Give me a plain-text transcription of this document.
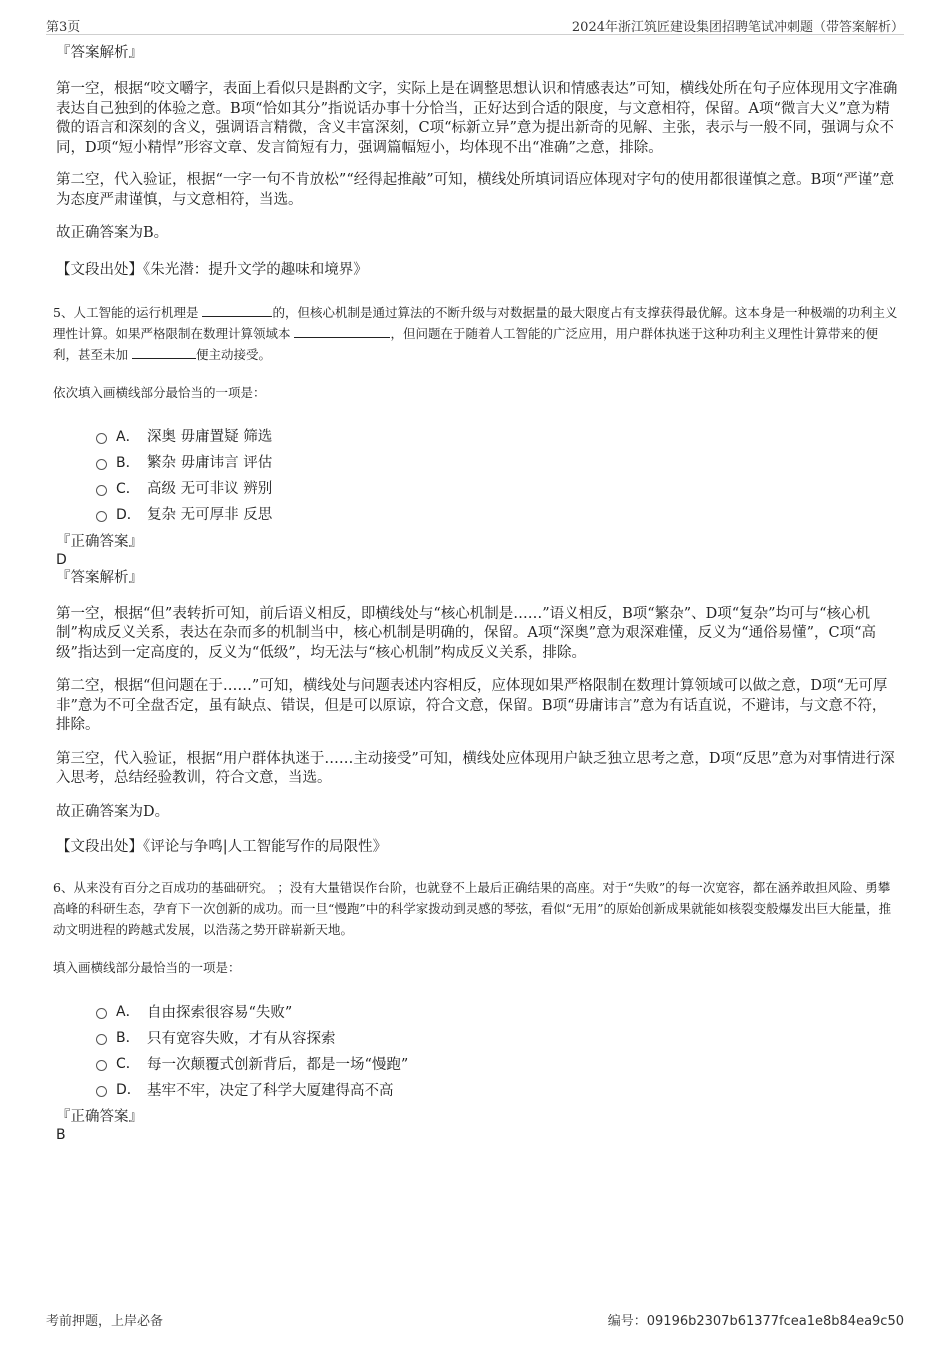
第3页	2024年浙江筑匠建设集团招聘笔试冲刺题（带答案解析）
『答案解析』

第一空，根据“咬文嚼字，表面上看似只是斟酌文字，实际上是在调整思想认识和情感表达”可知，横线处所在句子应体现用文字准确表达自己独到的体验之意。B项“恰如其分”指说话办事十分恰当，正好达到合适的限度，与文意相符，保留。A项“微言大义”意为精微的语言和深刻的含义，强调语言精微，含义丰富深刻，C项“标新立异”意为提出新奇的见解、主张，表示与一般不同，强调与众不同，D项“短小精悍”形容文章、发言简短有力，强调篇幅短小，均体现不出“准确”之意，排除。

第二空，代入验证，根据“一字一句不肯放松”“经得起推敲”可知，横线处所填词语应体现对字句的使用都很谨慎之意。B项“严谨”意为态度严肃谨慎，与文意相符，当选。

故正确答案为B。

【文段出处】《朱光潜：提升文学的趣味和境界》
5、人工智能的运行机理是	的，但核心机制是通过算法的不断升级与对数据量的最大限度占有支撑获得最优解。这本身是一种极端的功利主义理性计算。如果严格限制在数理计算领域本	，但问题在于随着人工智能的广泛应用，用户群体执迷于这种功利主义理性计算带来的便利，甚至未加	便主动接受。
依次填入画横线部分最恰当的一项是：
A． 深奥 毋庸置疑 筛选
B． 繁杂 毋庸讳言 评估
C． 高级 无可非议 辨别
D． 复杂 无可厚非 反思
『正确答案』
D
『答案解析』

第一空，根据“但”表转折可知，前后语义相反，即横线处与“核心机制是……”语义相反，B项“繁杂”、D项“复杂”均可与“核心机制”构成反义关系，表达在杂而多的机制当中，核心机制是明确的，保留。A项“深奥”意为艰深难懂，反义为“通俗易懂”，C项“高级”指达到一定高度的，反义为“低级”，均无法与“核心机制”构成反义关系，排除。

第二空，根据“但问题在于……”可知，横线处与问题表述内容相反，应体现如果严格限制在数理计算领域可以做之意，D项“无可厚非”意为不可全盘否定，虽有缺点、错误，但是可以原谅，符合文意，保留。B项“毋庸讳言”意为有话直说，不避讳，与文意不符，排除。

第三空，代入验证，根据“用户群体执迷于……主动接受”可知，横线处应体现用户缺乏独立思考之意，D项“反思”意为对事情进行深入思考，总结经验教训，符合文意，当选。

故正确答案为D。

【文段出处】《评论与争鸣|人工智能写作的局限性》
6、从来没有百分之百成功的基础研究。 ；没有大量错误作台阶，也就登不上最后正确结果的高座。对于“失败”的每一次宽容，都在涵养敢担风险、勇攀高峰的科研生态，孕育下一次创新的成功。而一旦“慢跑”中的科学家拨动到灵感的琴弦，看似“无用”的原始创新成果就能如核裂变般爆发出巨大能量，推动文明进程的跨越式发展，以浩荡之势开辟崭新天地。
填入画横线部分最恰当的一项是：
A． 自由探索很容易“失败”
B． 只有宽容失败，才有从容探索
C． 每一次颠覆式创新背后，都是一场“慢跑”
D． 基牢不牢，决定了科学大厦建得高不高
『正确答案』
B
考前押题，上岸必备	编号：09196b2307b61377fcea1e8b84ea9c50
